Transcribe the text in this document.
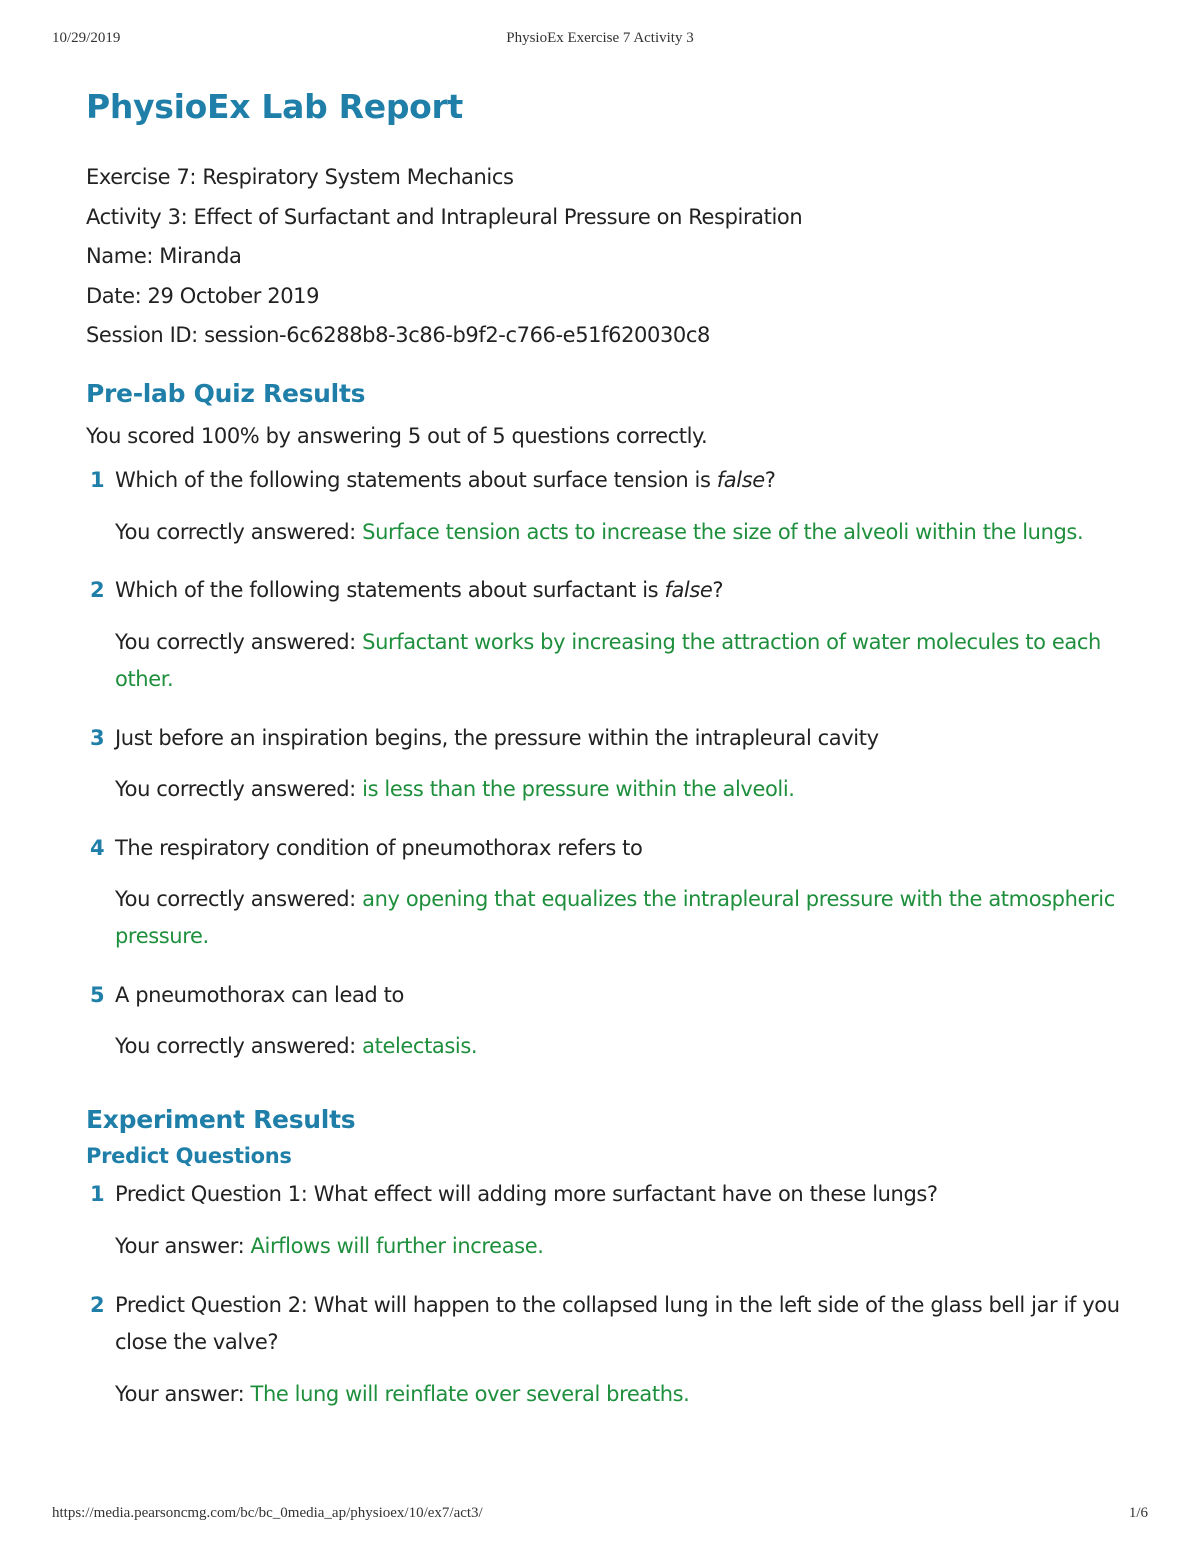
10/29/2019	PhysioEx Exercise 7 Activity 3
PhysioEx Lab Report
Exercise 7: Respiratory System Mechanics
Activity 3: Effect of Surfactant and Intrapleural Pressure on Respiration
Name: Miranda
Date: 29 October 2019
Session ID: session-6c6288b8-3c86-b9f2-c766-e51f620030c8
Pre-lab Quiz Results
You scored 100% by answering 5 out of 5 questions correctly.
1 Which of the following statements about surface tension is false?
You correctly answered: Surface tension acts to increase the size of the alveoli within the lungs.
2 Which of the following statements about surfactant is false?
You correctly answered: Surfactant works by increasing the attraction of water molecules to each other.
3 Just before an inspiration begins, the pressure within the intrapleural cavity
You correctly answered: is less than the pressure within the alveoli.
4 The respiratory condition of pneumothorax refers to
You correctly answered: any opening that equalizes the intrapleural pressure with the atmospheric pressure.
5 A pneumothorax can lead to
You correctly answered: atelectasis.
Experiment Results
Predict Questions
1 Predict Question 1: What effect will adding more surfactant have on these lungs?
Your answer: Airflows will further increase.
2 Predict Question 2: What will happen to the collapsed lung in the left side of the glass bell jar if you close the valve?
Your answer: The lung will reinflate over several breaths.
https://media.pearsoncmg.com/bc/bc_0media_ap/physioex/10/ex7/act3/	1/6
